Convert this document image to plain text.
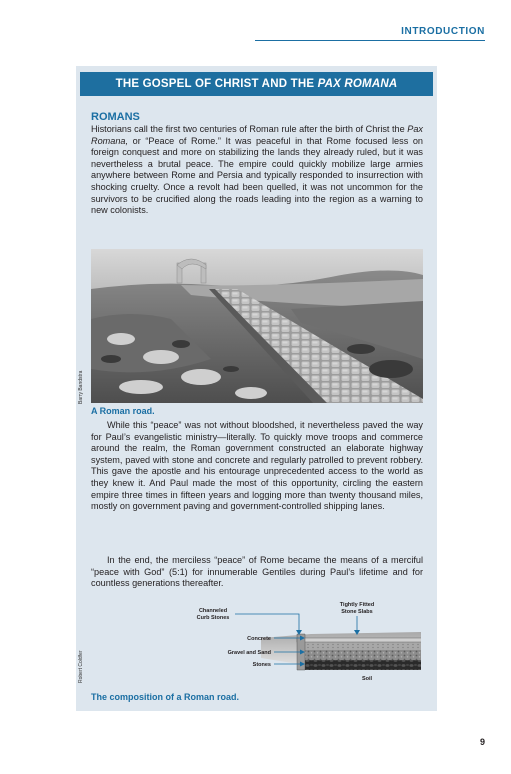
INTRODUCTION
THE GOSPEL OF CHRIST AND THE
PAX ROMANA
ROMANS

Historians call the first two centuries of Roman rule after the birth of Christ the Pax Romana, or “Peace of Rome.” It was peaceful in that Rome focused less on foreign conquest and more on stabilizing the lands they already ruled, but it was nevertheless a brutal peace. The empire could quickly mobilize large armies anywhere between Rome and Persia and typically responded to insurrection with shocking cruelty. Once a revolt had been quelled, it was not uncommon for the survivors to be crucified along the roads leading into the region as a warning to new colonists.

Barry Bandstra
A Roman road.

While this “peace” was not without bloodshed, it nevertheless paved the way for Paul’s evangelistic ministry—literally. To quickly move troops and commerce around the realm, the Roman government constructed an elaborate highway system, paved with stone and concrete and regularly patrolled to prevent robbery. This gave the apostle and his entourage unprecedented access to the world as they knew it. And Paul made the most of this opportunity, circling the eastern empire three times in fifteen years and logging more than twenty thousand miles, mostly on government paving and government-controlled shipping lanes.

In the end, the merciless “peace” of Rome became the means of a merciful “peace with God” (5:1) for innumerable Gentiles during Paul’s lifetime and for countless generations thereafter.

Channeled
Curb Stones
Tightly Fitted
Stone Slabs
Soil
Concrete
Gravel and Sand
Stones
Robert Coldfer
The composition of a Roman road.
9
